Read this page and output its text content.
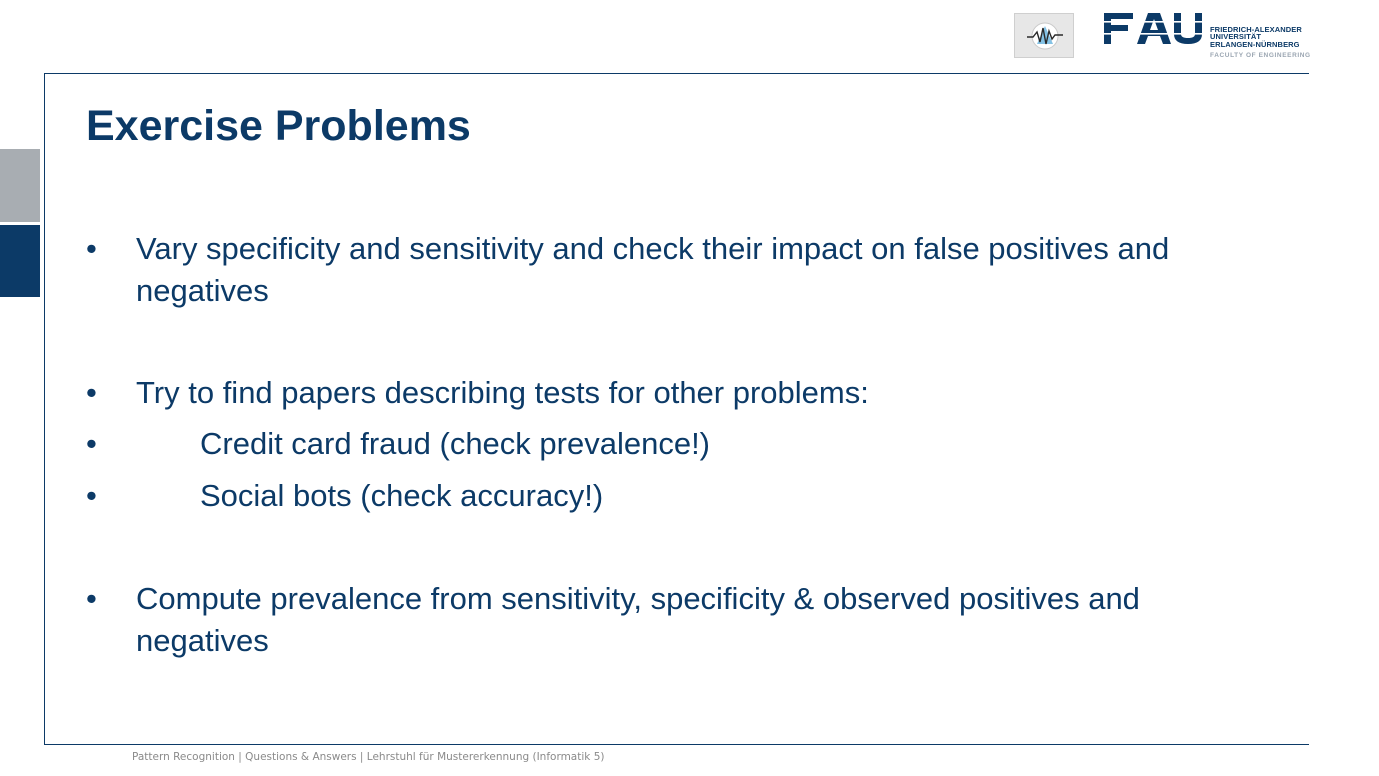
FRIEDRICH-ALEXANDER
UNIVERSITÄT
ERLANGEN-NÜRNBERG
FACULTY OF ENGINEERING
Exercise Problems
• Vary specificity and sensitivity and check their impact on false positives and negatives
• Try to find papers describing tests for other problems:
•	Credit card fraud (check prevalence!)
•	Social bots (check accuracy!)
• Compute prevalence from sensitivity, specificity & observed positives and negatives
Pattern Recognition | Questions & Answers | Lehrstuhl für Mustererkennung (Informatik 5)
